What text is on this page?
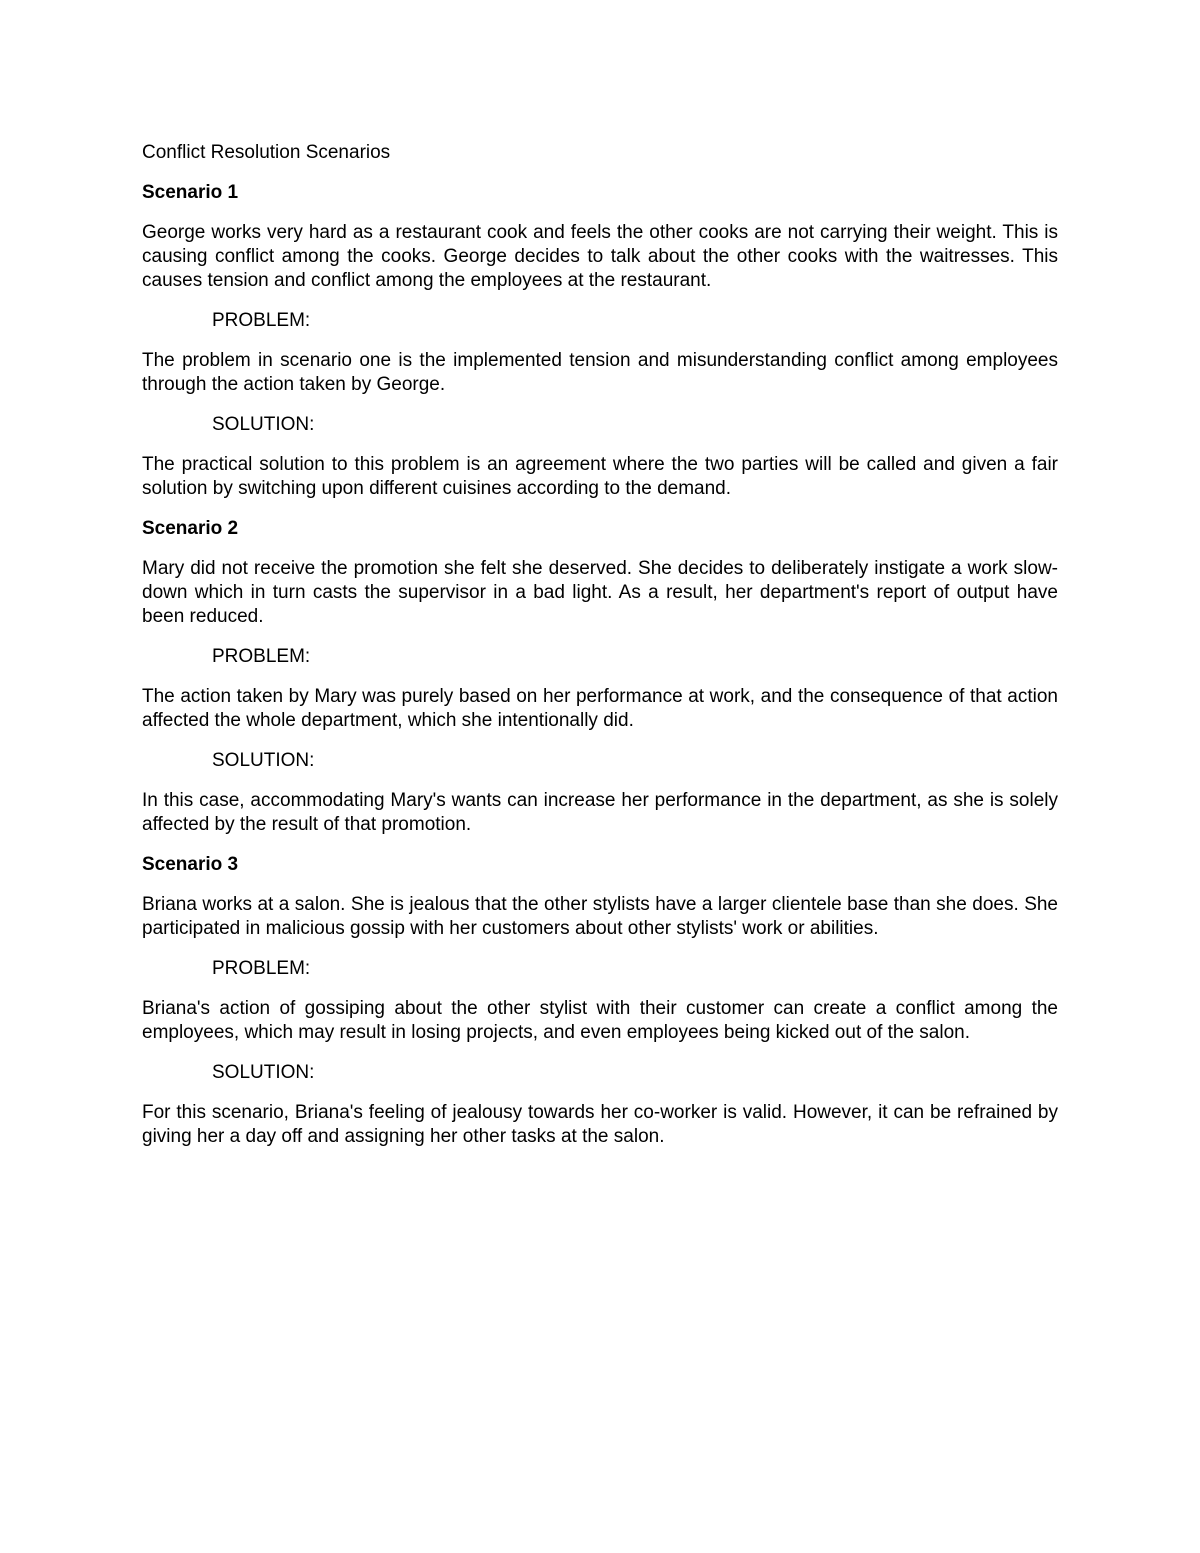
Conflict Resolution Scenarios

Scenario 1

George works very hard as a restaurant cook and feels the other cooks are not carrying their weight. This is causing conflict among the cooks. George decides to talk about the other cooks with the waitresses. This causes tension and conflict among the employees at the restaurant.

PROBLEM:

The problem in scenario one is the implemented tension and misunderstanding conflict among employees through the action taken by George.

SOLUTION:

The practical solution to this problem is an agreement where the two parties will be called and given a fair solution by switching upon different cuisines according to the demand.

Scenario 2

Mary did not receive the promotion she felt she deserved. She decides to deliberately instigate a work slow-down which in turn casts the supervisor in a bad light. As a result, her department's report of output have been reduced.

PROBLEM:

The action taken by Mary was purely based on her performance at work, and the consequence of that action affected the whole department, which she intentionally did.

SOLUTION:

In this case, accommodating Mary's wants can increase her performance in the department, as she is solely affected by the result of that promotion.

Scenario 3

Briana works at a salon. She is jealous that the other stylists have a larger clientele base than she does. She participated in malicious gossip with her customers about other stylists' work or abilities.

PROBLEM:

Briana's action of gossiping about the other stylist with their customer can create a conflict among the employees, which may result in losing projects, and even employees being kicked out of the salon.

SOLUTION:

For this scenario, Briana's feeling of jealousy towards her co-worker is valid. However, it can be refrained by giving her a day off and assigning her other tasks at the salon.
